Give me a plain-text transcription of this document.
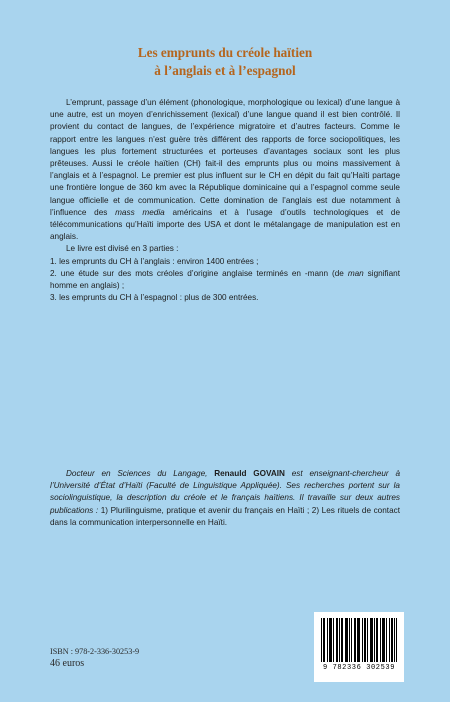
Les emprunts du créole haïtien
à l’anglais et à l’espagnol

L’emprunt, passage d’un élément (phonologique, morphologique ou lexical) d’une langue à une autre, est un moyen d’enrichissement (lexical) d’une langue quand il est bien contrôlé. Il provient du contact de langues, de l’expérience migratoire et d’autres facteurs. Comme le rapport entre les langues n’est guère très différent des rapports de force sociopolitiques, les langues les plus fortement structurées et porteuses d’avantages sociaux sont les plus prêteuses. Aussi le créole haïtien (CH) fait-il des emprunts plus ou moins massivement à l’anglais et à l’espagnol. Le premier est plus influent sur le CH en dépit du fait qu’Haïti partage une frontière longue de 360 km avec la République dominicaine qui a l’espagnol comme seule langue officielle et de communication. Cette domination de l’anglais est due notamment à l’influence des mass media américains et à l’usage d’outils technologiques et de télécommunications qu’Haïti importe des USA et dont le métalangage de manipulation est en anglais.

Le livre est divisé en 3 parties :

1. les emprunts du CH à l’anglais : environ 1400 entrées ;

2. une étude sur des mots créoles d’origine anglaise terminés en -mann (de man signifiant homme en anglais) ;

3. les emprunts du CH à l’espagnol : plus de 300 entrées.

Docteur en Sciences du Langage, Renauld GOVAIN est enseignant-chercheur à l’Université d’État d’Haïti (Faculté de Linguistique Appliquée). Ses recherches portent sur la sociolinguistique, la description du créole et le français haïtiens. Il travaille sur deux autres publications : 1) Plurilinguisme, pratique et avenir du français en Haïti ; 2) Les rituels de contact dans la communication interpersonnelle en Haïti.

ISBN : 978-2-336-30253-9
46 euros	9 782336 302539
